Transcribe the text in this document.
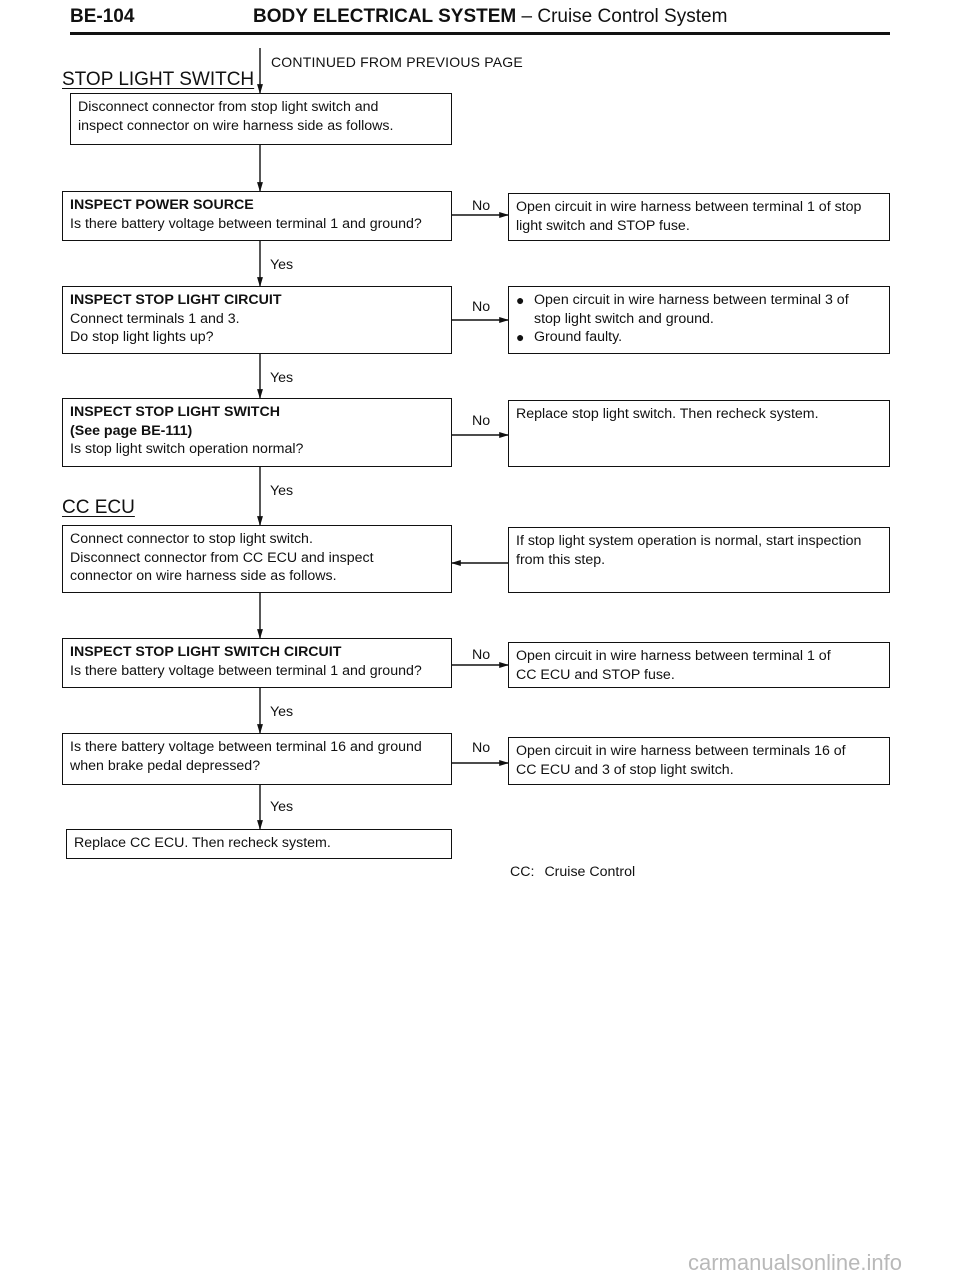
BE-104	BODY ELECTRICAL SYSTEM – Cruise Control System
CONTINUED FROM PREVIOUS PAGE
STOP LIGHT SWITCH
CC ECU
Yes
Yes
Yes
Yes
Yes
No
No
No
No
No
Disconnect connector from stop light switch and
inspect connector on wire harness side as follows.
INSPECT POWER SOURCE
Is there battery voltage between terminal 1 and ground?
INSPECT STOP LIGHT CIRCUIT
Connect terminals 1 and 3.
Do stop light lights up?
INSPECT STOP LIGHT SWITCH
(See page BE-111)
Is stop light switch operation normal?
Connect connector to stop light switch.
Disconnect connector from CC ECU and inspect
connector on wire harness side as follows.
INSPECT STOP LIGHT SWITCH CIRCUIT
Is there battery voltage between terminal 1 and ground?
Is there battery voltage between terminal 16 and ground
when brake pedal depressed?
Replace CC ECU. Then recheck system.
Open circuit in wire harness between terminal 1 of stop
light switch and STOP fuse.
● Open circuit in wire harness between terminal 3 of
stop light switch and ground.
● Ground faulty.
Replace stop light switch. Then recheck system.
If stop light system operation is normal, start inspection
from this step.
Open circuit in wire harness between terminal 1 of
CC ECU and STOP fuse.
Open circuit in wire harness between terminals 16 of
CC ECU and 3 of stop light switch.
CC: Cruise Control
carmanualsonline.info
